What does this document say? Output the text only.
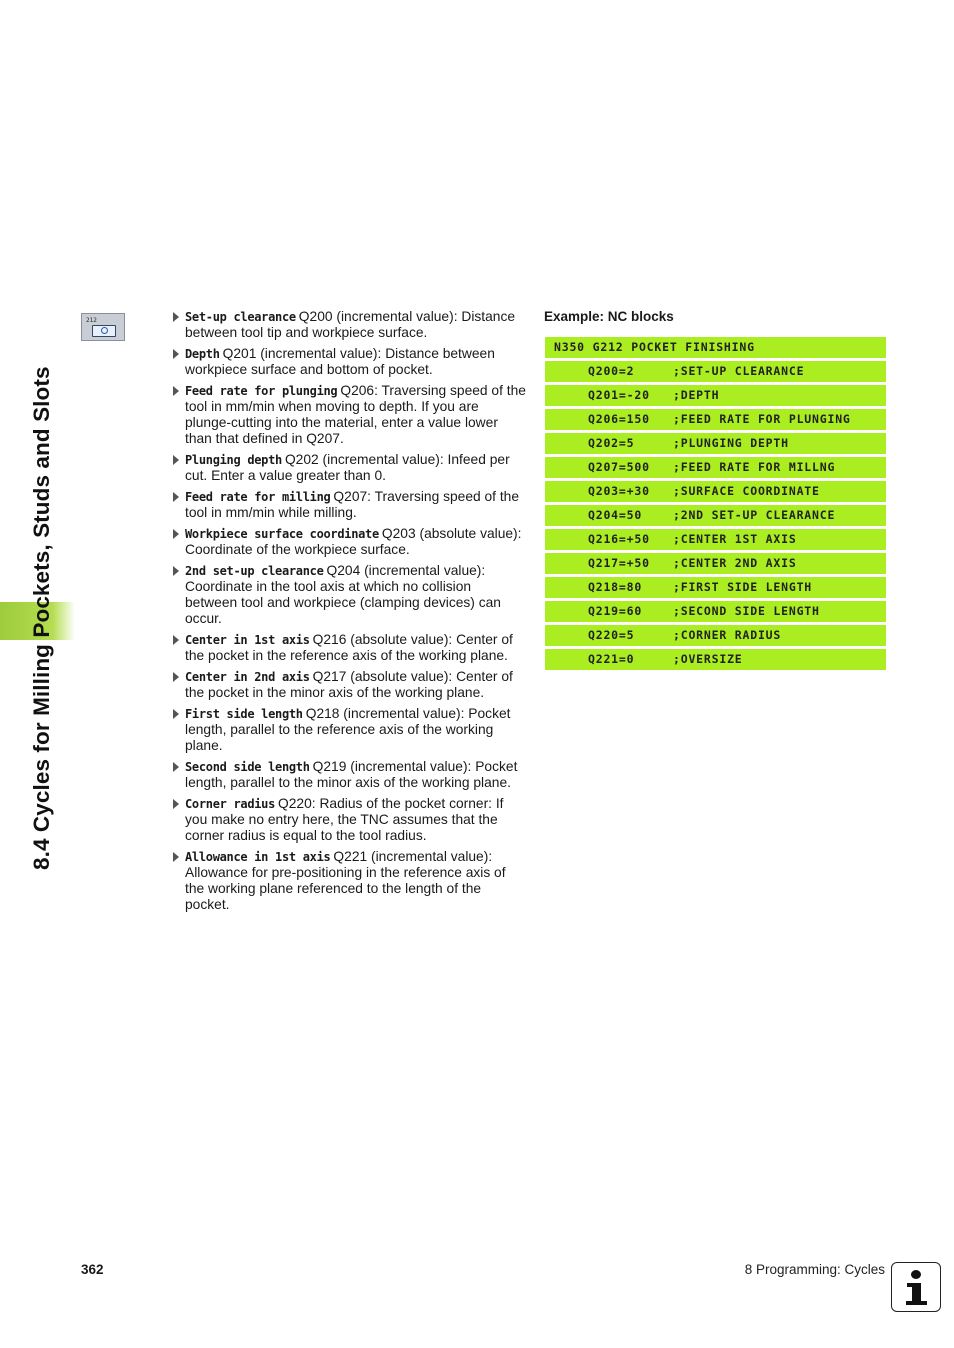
8.4 Cycles for Milling Pockets, Studs and Slots
212	Set-up clearance Q200 (incremental value): Distance between tool tip and workpiece surface.
Depth Q201 (incremental value): Distance between workpiece surface and bottom of pocket.
Feed rate for plunging Q206: Traversing speed of the tool in mm/min when moving to depth. If you are plunge-cutting into the material, enter a value lower than that defined in Q207.
Plunging depth Q202 (incremental value): Infeed per cut. Enter a value greater than 0.
Feed rate for milling Q207: Traversing speed of the tool in mm/min while milling.
Workpiece surface coordinate Q203 (absolute value): Coordinate of the workpiece surface.
2nd set-up clearance Q204 (incremental value): Coordinate in the tool axis at which no collision between tool and workpiece (clamping devices) can occur.
Center in 1st axis Q216 (absolute value): Center of the pocket in the reference axis of the working plane.
Center in 2nd axis Q217 (absolute value): Center of the pocket in the minor axis of the working plane.
First side length Q218 (incremental value): Pocket length, parallel to the reference axis of the working plane.
Second side length Q219 (incremental value): Pocket length, parallel to the minor axis of the working plane.
Corner radius Q220: Radius of the pocket corner: If you make no entry here, the TNC assumes that the corner radius is equal to the tool radius.
Allowance in 1st axis Q221 (incremental value): Allowance for pre-positioning in the reference axis of the working plane referenced to the length of the pocket.
Example: NC blocks
N350 G212 POCKET FINISHING
Q200=2	;SET-UP CLEARANCE
Q201=-20 ;DEPTH
Q206=150 ;FEED RATE FOR PLUNGING
Q202=5	;PLUNGING DEPTH
Q207=500 ;FEED RATE FOR MILLNG
Q203=+30 ;SURFACE COORDINATE
Q204=50	;2ND SET-UP CLEARANCE
Q216=+50 ;CENTER 1ST AXIS
Q217=+50 ;CENTER 2ND AXIS
Q218=80	;FIRST SIDE LENGTH
Q219=60	;SECOND SIDE LENGTH
Q220=5	;CORNER RADIUS
Q221=0	;OVERSIZE
362	8 Programming: Cycles
